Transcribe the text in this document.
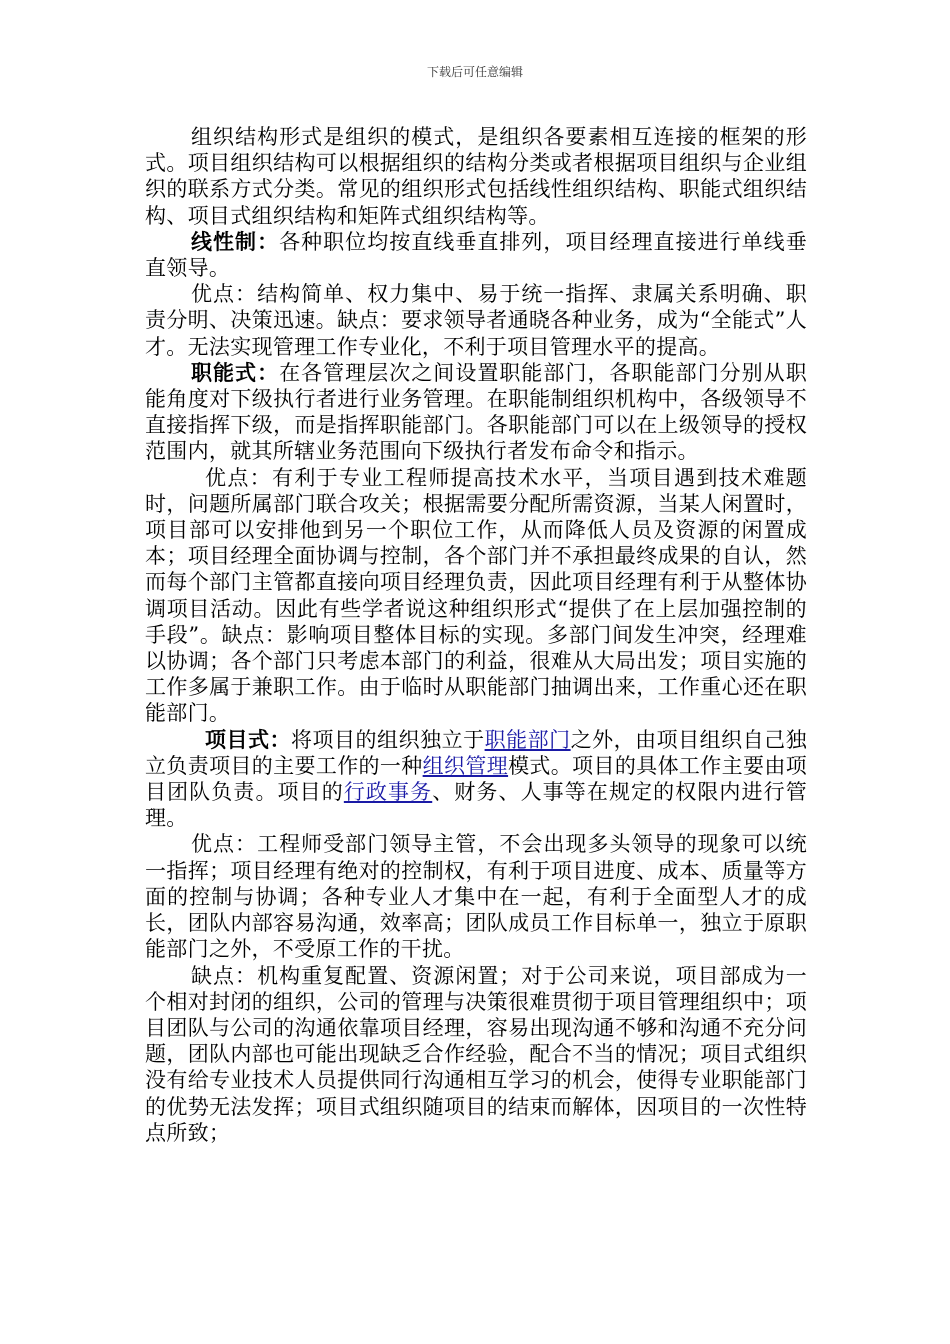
下载后可任意编辑

组织结构形式是组织的模式，是组织各要素相互连接的框架的形式。项目组织结构可以根据组织的结构分类或者根据项目组织与企业组织的联系方式分类。常见的组织形式包括线性组织结构、职能式组织结构、项目式组织结构和矩阵式组织结构等。

线性制：各种职位均按直线垂直排列，项目经理直接进行单线垂直领导。

优点：结构简单、权力集中、易于统一指挥、隶属关系明确、职责分明、决策迅速。缺点：要求领导者通晓各种业务，成为“全能式”人才。无法实现管理工作专业化，不利于项目管理水平的提高。

职能式：在各管理层次之间设置职能部门，各职能部门分别从职能角度对下级执行者进行业务管理。在职能制组织机构中，各级领导不直接指挥下级，而是指挥职能部门。各职能部门可以在上级领导的授权范围内，就其所辖业务范围向下级执行者发布命令和指示。

优点：有利于专业工程师提高技术水平，当项目遇到技术难题时，问题所属部门联合攻关；根据需要分配所需资源，当某人闲置时，项目部可以安排他到另一个职位工作，从而降低人员及资源的闲置成本；项目经理全面协调与控制，各个部门并不承担最终成果的自认，然而每个部门主管都直接向项目经理负责，因此项目经理有利于从整体协调项目活动。因此有些学者说这种组织形式“提供了在上层加强控制的手段”。缺点：影响项目整体目标的实现。多部门间发生冲突，经理难以协调；各个部门只考虑本部门的利益，很难从大局出发；项目实施的工作多属于兼职工作。由于临时从职能部门抽调出来，工作重心还在职能部门。

项目式：将项目的组织独立于职能部门之外，由项目组织自己独立负责项目的主要工作的一种组织管理模式。项目的具体工作主要由项目团队负责。项目的行政事务、财务、人事等在规定的权限内进行管理。

优点：工程师受部门领导主管，不会出现多头领导的现象可以统一指挥；项目经理有绝对的控制权，有利于项目进度、成本、质量等方面的控制与协调；各种专业人才集中在一起，有利于全面型人才的成长，团队内部容易沟通，效率高；团队成员工作目标单一，独立于原职能部门之外，不受原工作的干扰。

缺点：机构重复配置、资源闲置；对于公司来说，项目部成为一个相对封闭的组织，公司的管理与决策很难贯彻于项目管理组织中；项目团队与公司的沟通依靠项目经理，容易出现沟通不够和沟通不充分问题，团队内部也可能出现缺乏合作经验，配合不当的情况；项目式组织没有给专业技术人员提供同行沟通相互学习的机会，使得专业职能部门的优势无法发挥；项目式组织随项目的结束而解体，因项目的一次性特点所致；
